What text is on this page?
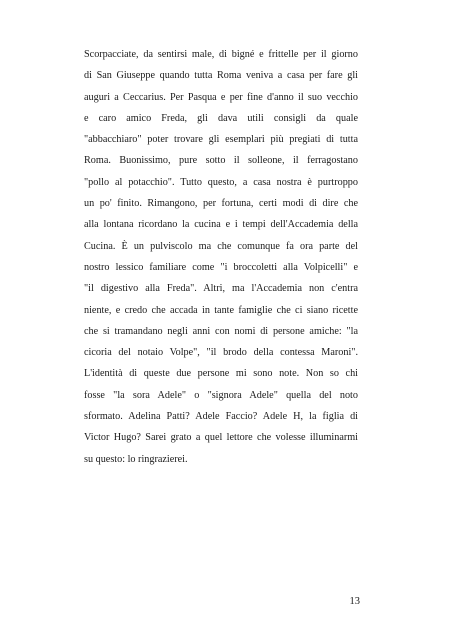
Scorpacciate, da sentirsi male, di bigné e frittelle per il giorno
di San Giuseppe quando tutta Roma veniva a casa per fare gli
auguri a Ceccarius. Per Pasqua e per fine d'anno il suo vecchio
e caro amico Freda, gli dava utili consigli da quale
"abbacchiaro" poter trovare gli esemplari più pregiati di tutta
Roma. Buonissimo, pure sotto il solleone, il ferragostano
"pollo al potacchio". Tutto questo, a casa nostra è purtroppo
un po' finito. Rimangono, per fortuna, certi modi di dire che
alla lontana ricordano la cucina e i tempi dell'Accademia della
Cucina. È un pulviscolo ma che comunque fa ora parte del
nostro lessico familiare come "i broccoletti alla Volpicelli" e
"il digestivo alla Freda". Altri, ma l'Accademia non c'entra
niente, e credo che accada in tante famiglie che ci siano ricette
che si tramandano negli anni con nomi di persone amiche: "la
cicoria del notaio Volpe", "il brodo della contessa Maroni".
L'identità di queste due persone mi sono note. Non so chi
fosse "la sora Adele" o "signora Adele" quella del noto
sformato. Adelina Patti? Adele Faccio? Adele H, la figlia di
Victor Hugo? Sarei grato a quel lettore che volesse illuminarmi
su questo: lo ringrazierei.
13
